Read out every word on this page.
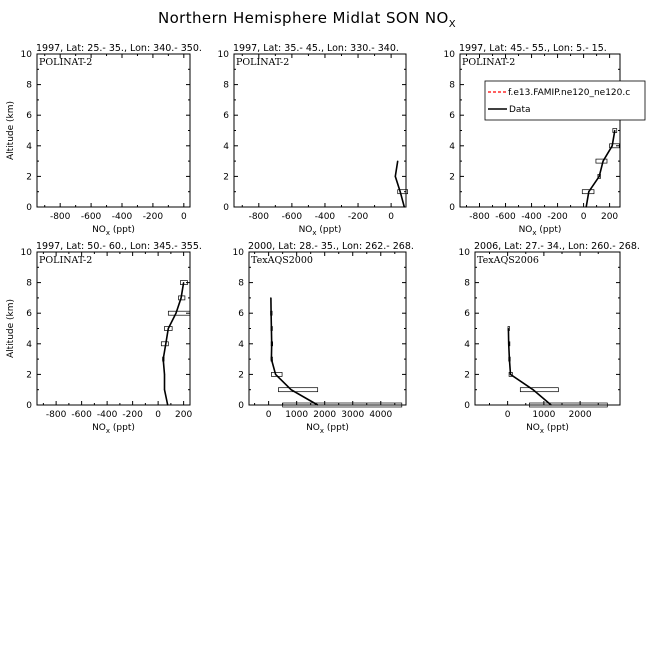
Northern Hemisphere Midlat SON $NO_X$
0
2
4
6
8
10
-800 -600 -400 -200 0
1997, Lat: 25.- 35., Lon: 340.- 350.
POLINAT-2
$NO_x$ (ppt)
Altitude (km)
0
2
4
6
8
10
-800 -600 -400 -200 0
1997, Lat: 35.- 45., Lon: 330.- 340.
POLINAT-2
$NO_x$ (ppt)
0
2
4
6
8
10
-800 -600 -400 -200 0 200
1997, Lat: 45.- 55., Lon: 5.- 15.
POLINAT-2
$NO_x$ (ppt)
0
2
4
6
8
10
-800 -600 -400 -200 0 200
1997, Lat: 50.- 60., Lon: 345.- 355.
POLINAT-2
$NO_x$ (ppt)
Altitude (km)
0
2
4
6
8
10
0 1000 2000 3000 4000
2000, Lat: 28.- 35., Lon: 262.- 268.
TexAQS2000
$NO_x$ (ppt)
0
2
4
6
8
10
0 1000 2000
2006, Lat: 27.- 34., Lon: 260.- 268.
TexAQS2006
$NO_x$ (ppt)
f.e13.FAMIP.ne120_ne120.c
Data
